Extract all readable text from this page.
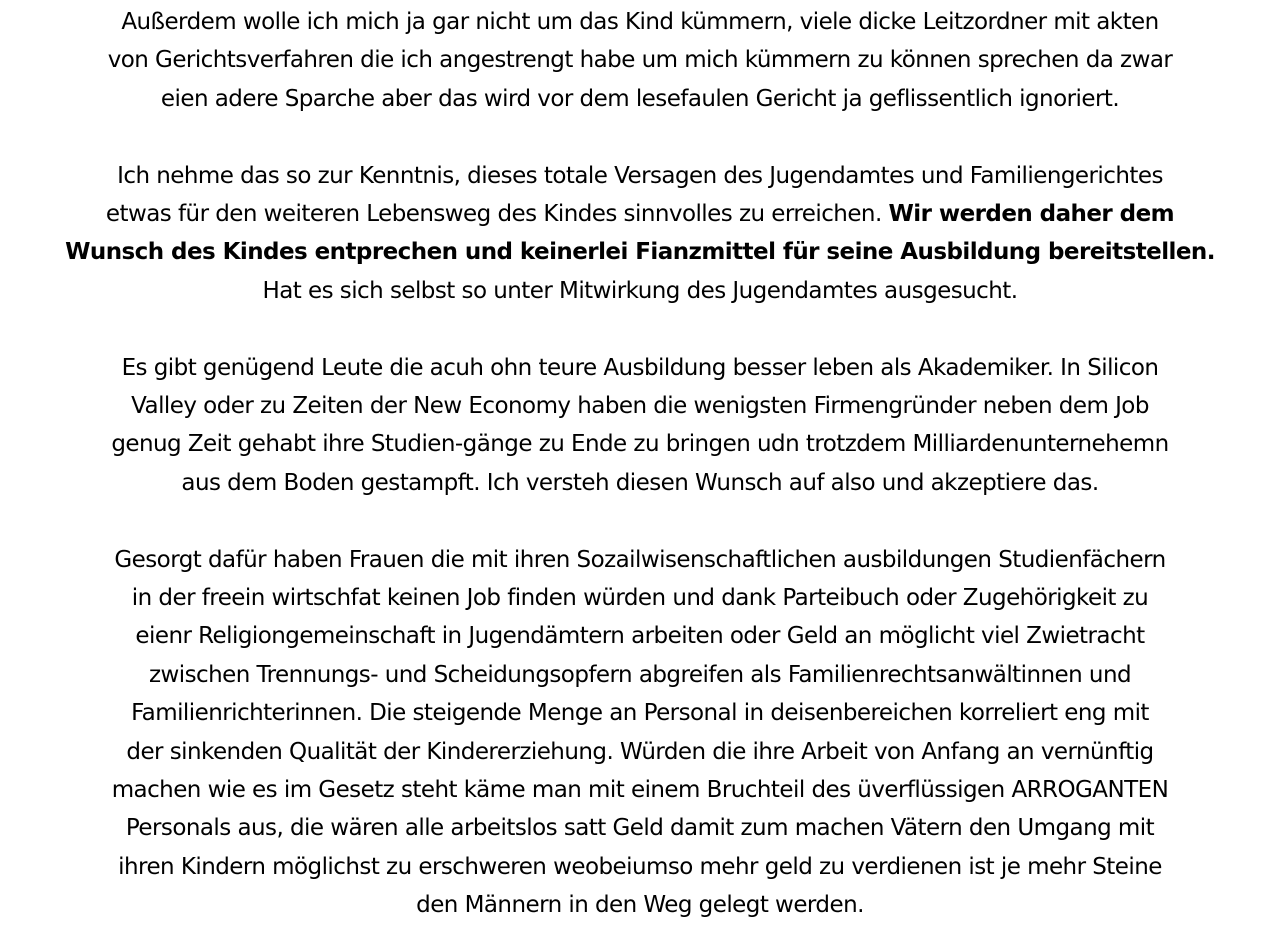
Außerdem wolle ich mich ja gar nicht um das Kind kümmern, viele dicke Leitzordner mit akten
von Gerichtsverfahren die ich angestrengt habe um mich kümmern zu können sprechen da zwar
eien adere Sparche aber das wird vor dem lesefaulen Gericht ja geflissentlich ignoriert.

Ich nehme das so zur Kenntnis, dieses totale Versagen des Jugendamtes und Familiengerichtes
etwas für den weiteren Lebensweg des Kindes sinnvolles zu erreichen. Wir werden daher dem
Wunsch des Kindes entprechen und keinerlei Fianzmittel für seine Ausbildung bereitstellen.
Hat es sich selbst so unter Mitwirkung des Jugendamtes ausgesucht.

Es gibt genügend Leute die acuh ohn teure Ausbildung besser leben als Akademiker. In Silicon
Valley oder zu Zeiten der New Economy haben die wenigsten Firmengründer neben dem Job
genug Zeit gehabt ihre Studien-gänge zu Ende zu bringen udn trotzdem Milliardenunternehemn
aus dem Boden gestampft. Ich versteh diesen Wunsch auf also und akzeptiere das.

Gesorgt dafür haben Frauen die mit ihren Sozailwisenschaftlichen ausbildungen Studienfächern
in der freein wirtschfat keinen Job finden würden und dank Parteibuch oder Zugehörigkeit zu
eienr Religiongemeinschaft in Jugendämtern arbeiten oder Geld an möglicht viel Zwietracht
zwischen Trennungs- und Scheidungsopfern abgreifen als Familienrechtsanwältinnen und
Familienrichterinnen. Die steigende Menge an Personal in deisenbereichen korreliert eng mit
der sinkenden Qualität der Kindererziehung. Würden die ihre Arbeit von Anfang an vernünftig
machen wie es im Gesetz steht käme man mit einem Bruchteil des üverflüssigen ARROGANTEN
Personals aus, die wären alle arbeitslos satt Geld damit zum machen Vätern den Umgang mit
ihren Kindern möglichst zu erschweren weobeiumso mehr geld zu verdienen ist je mehr Steine
den Männern in den Weg gelegt werden.
